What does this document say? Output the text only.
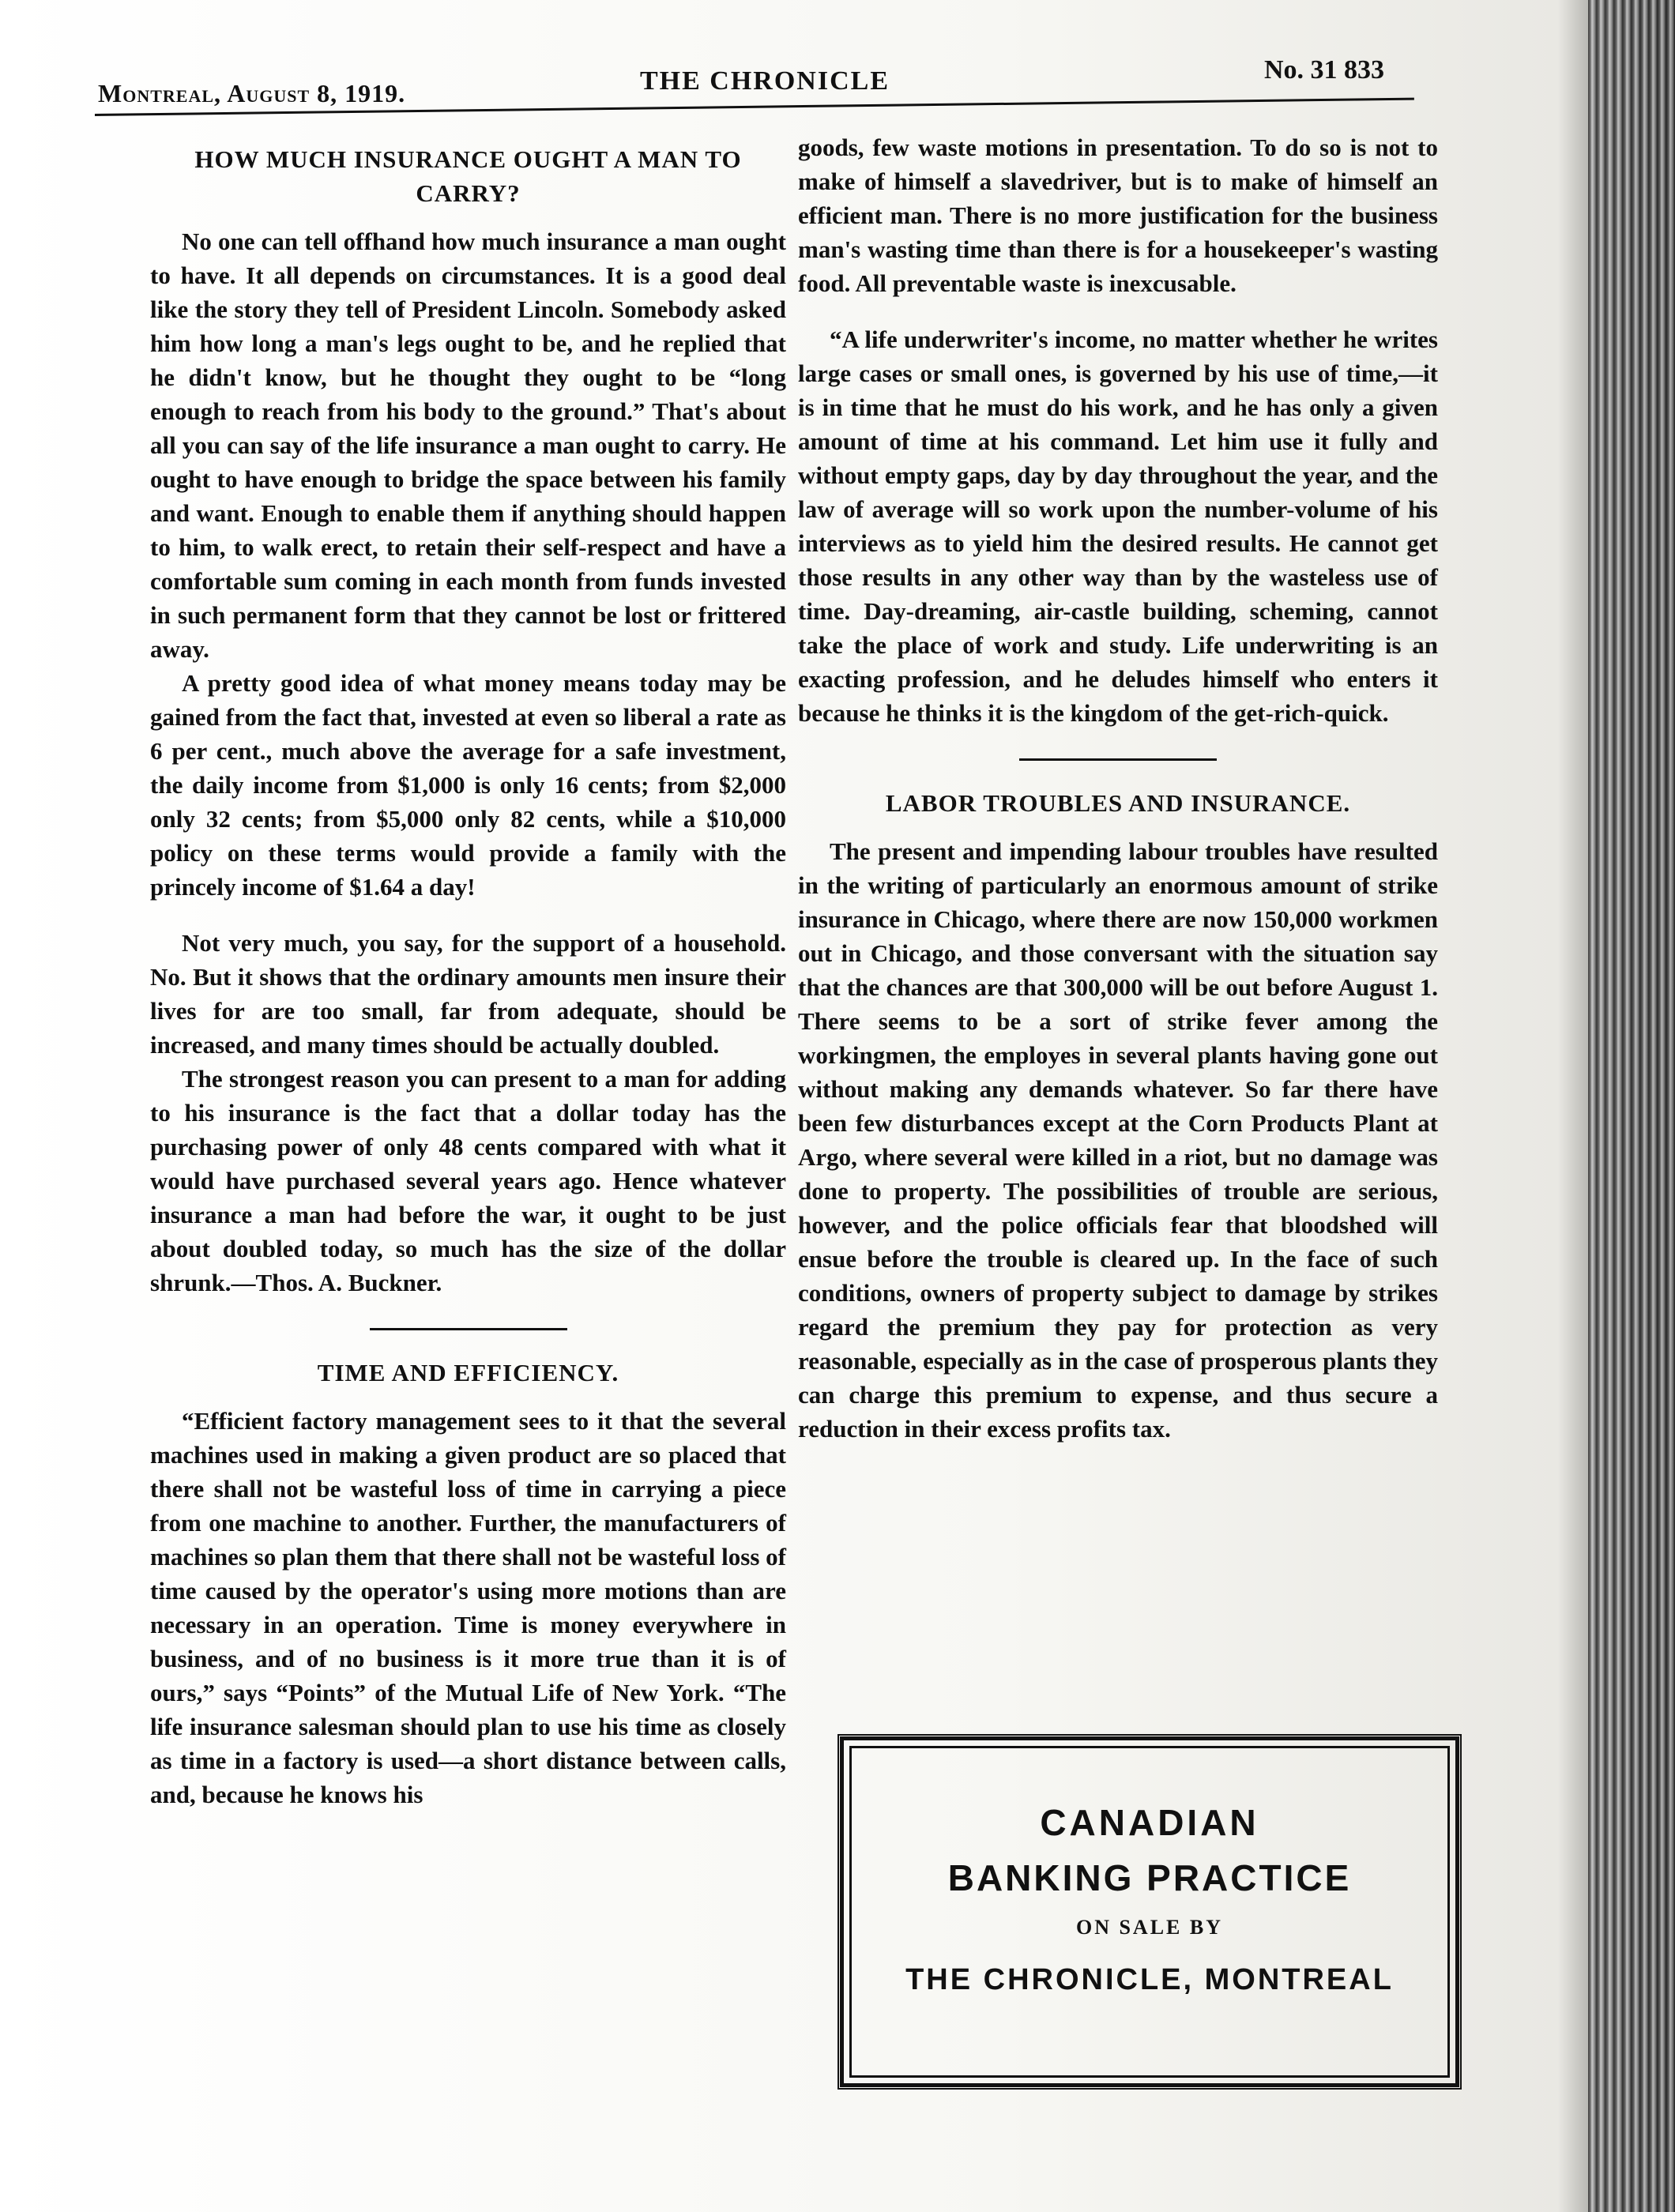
Montreal, August 8, 1919.	THE CHRONICLE	No. 31 833
HOW MUCH INSURANCE OUGHT A MAN TO CARRY?

No one can tell offhand how much insurance a man ought to have. It all depends on circumstances. It is a good deal like the story they tell of President Lincoln. Somebody asked him how long a man's legs ought to be, and he replied that he didn't know, but he thought they ought to be “long enough to reach from his body to the ground.” That's about all you can say of the life insurance a man ought to carry. He ought to have enough to bridge the space between his family and want. Enough to enable them if anything should happen to him, to walk erect, to retain their self-respect and have a comfortable sum coming in each month from funds invested in such permanent form that they cannot be lost or frittered away.

A pretty good idea of what money means today may be gained from the fact that, invested at even so liberal a rate as 6 per cent., much above the average for a safe investment, the daily income from $1,000 is only 16 cents; from $2,000 only 32 cents; from $5,000 only 82 cents, while a $10,000 policy on these terms would provide a family with the princely income of $1.64 a day!

Not very much, you say, for the support of a household. No. But it shows that the ordinary amounts men insure their lives for are too small, far from adequate, should be increased, and many times should be actually doubled.

The strongest reason you can present to a man for adding to his insurance is the fact that a dollar today has the purchasing power of only 48 cents compared with what it would have purchased several years ago. Hence whatever insurance a man had before the war, it ought to be just about doubled today, so much has the size of the dollar shrunk.—Thos. A. Buckner.

TIME AND EFFICIENCY.

“Efficient factory management sees to it that the several machines used in making a given product are so placed that there shall not be wasteful loss of time in carrying a piece from one machine to another. Further, the manufacturers of machines so plan them that there shall not be wasteful loss of time caused by the operator's using more motions than are necessary in an operation. Time is money everywhere in business, and of no business is it more true than it is of ours,” says “Points” of the Mutual Life of New York. “The life insurance salesman should plan to use his time as closely as time in a factory is used—a short distance between calls, and, because he knows his

goods, few waste motions in presentation. To do so is not to make of himself a slavedriver, but is to make of himself an efficient man. There is no more justification for the business man's wasting time than there is for a housekeeper's wasting food. All preventable waste is inexcusable.

“A life underwriter's income, no matter whether he writes large cases or small ones, is governed by his use of time,—it is in time that he must do his work, and he has only a given amount of time at his command. Let him use it fully and without empty gaps, day by day throughout the year, and the law of average will so work upon the number-volume of his interviews as to yield him the desired results. He cannot get those results in any other way than by the wasteless use of time. Day-dreaming, air-castle building, scheming, cannot take the place of work and study. Life underwriting is an exacting profession, and he deludes himself who enters it because he thinks it is the kingdom of the get-rich-quick.

LABOR TROUBLES AND INSURANCE.

The present and impending labour troubles have resulted in the writing of particularly an enormous amount of strike insurance in Chicago, where there are now 150,000 workmen out in Chicago, and those conversant with the situation say that the chances are that 300,000 will be out before August 1. There seems to be a sort of strike fever among the workingmen, the employes in several plants having gone out without making any demands whatever. So far there have been few disturbances except at the Corn Products Plant at Argo, where several were killed in a riot, but no damage was done to property. The possibilities of trouble are serious, however, and the police officials fear that bloodshed will ensue before the trouble is cleared up. In the face of such conditions, owners of property subject to damage by strikes regard the premium they pay for protection as very reasonable, especially as in the case of prosperous plants they can charge this premium to expense, and thus secure a reduction in their excess profits tax.

CANADIAN
BANKING PRACTICE
ON SALE BY
THE CHRONICLE, MONTREAL
